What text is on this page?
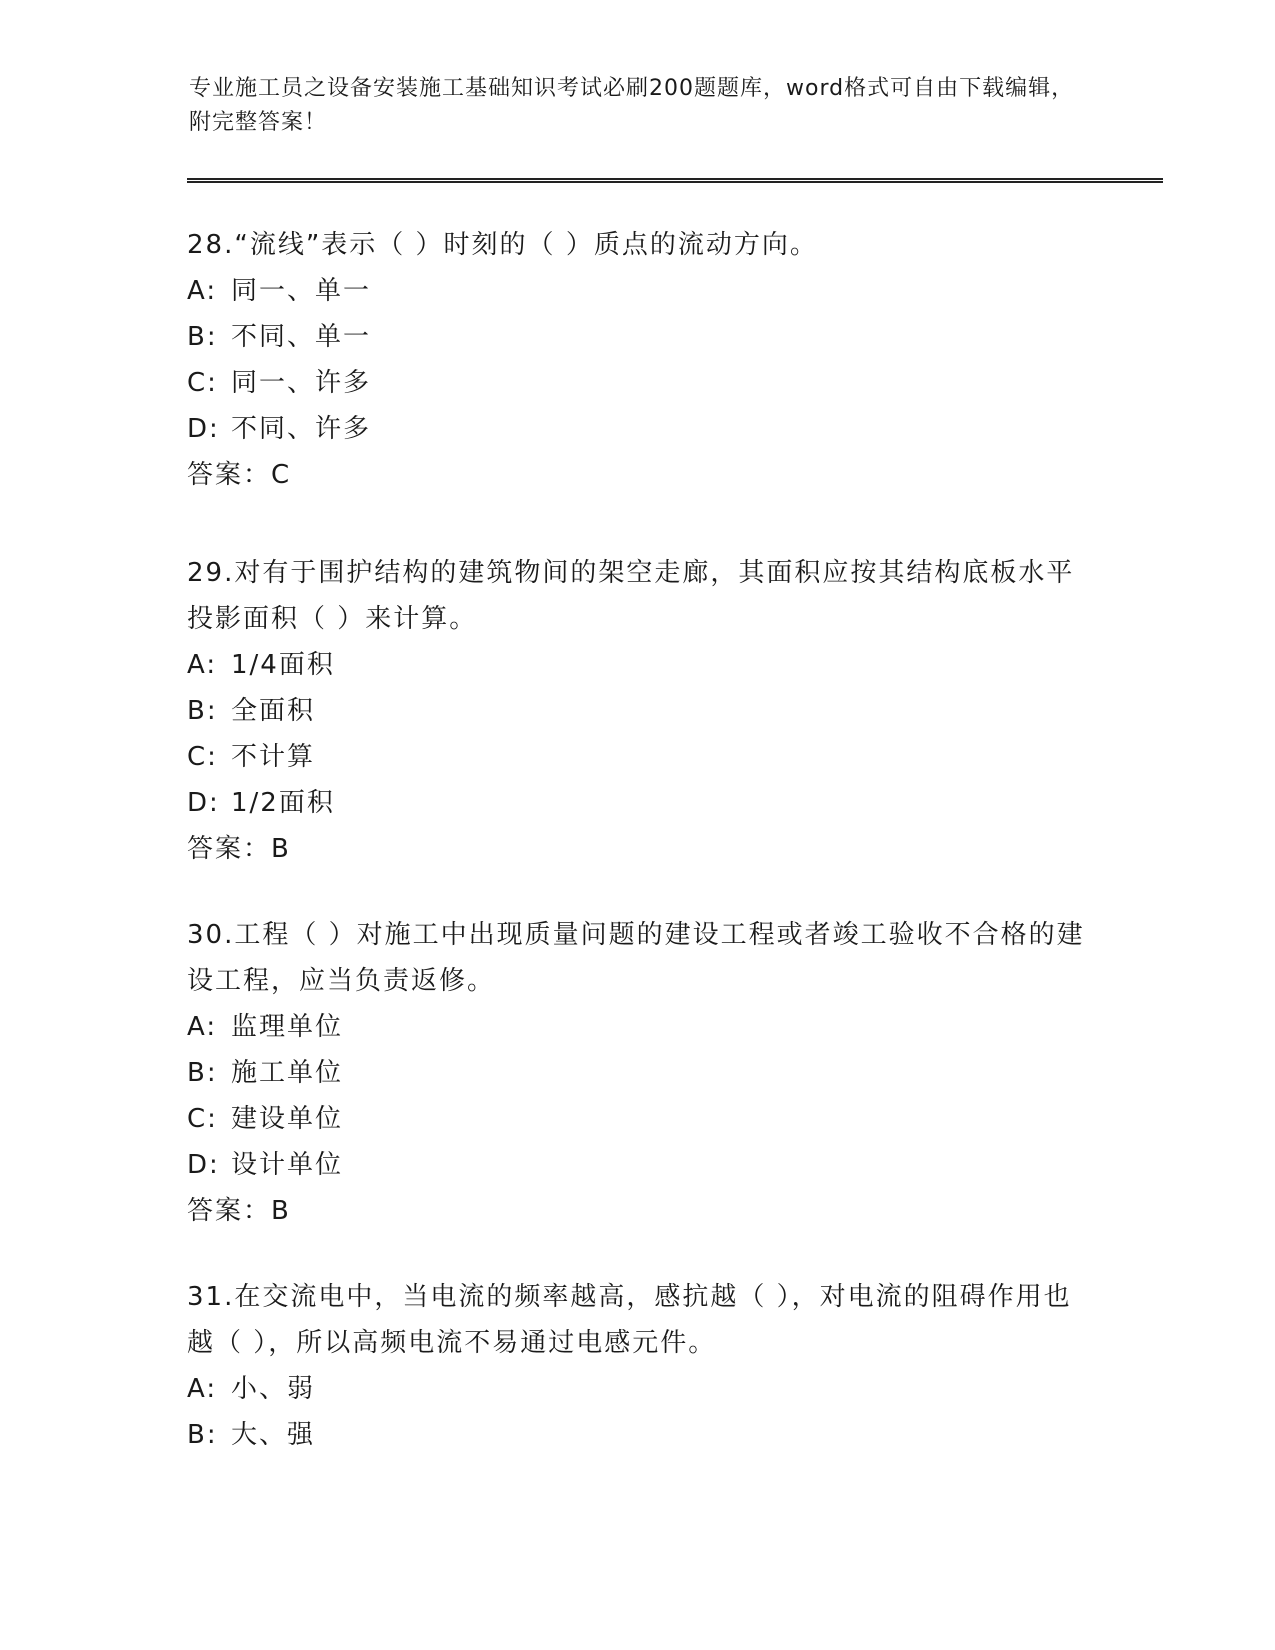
专业施工员之设备安装施工基础知识考试必刷200题题库，word格式可自由下载编辑，附完整答案！
28.“流线”表示（ ）时刻的（ ）质点的流动方向。
A: 同一、单一
B: 不同、单一
C: 同一、许多
D: 不同、许多
答案：C
29.对有于围护结构的建筑物间的架空走廊，其面积应按其结构底板水平投影面积（ ）来计算。
A: 1/4面积
B: 全面积
C: 不计算
D: 1/2面积
答案：B
30.工程（ ）对施工中出现质量问题的建设工程或者竣工验收不合格的建设工程，应当负责返修。
A: 监理单位
B: 施工单位
C: 建设单位
D: 设计单位
答案：B
31.在交流电中，当电流的频率越高，感抗越（ ），对电流的阻碍作用也越（ ），所以高频电流不易通过电感元件。
A: 小、弱
B: 大、强
